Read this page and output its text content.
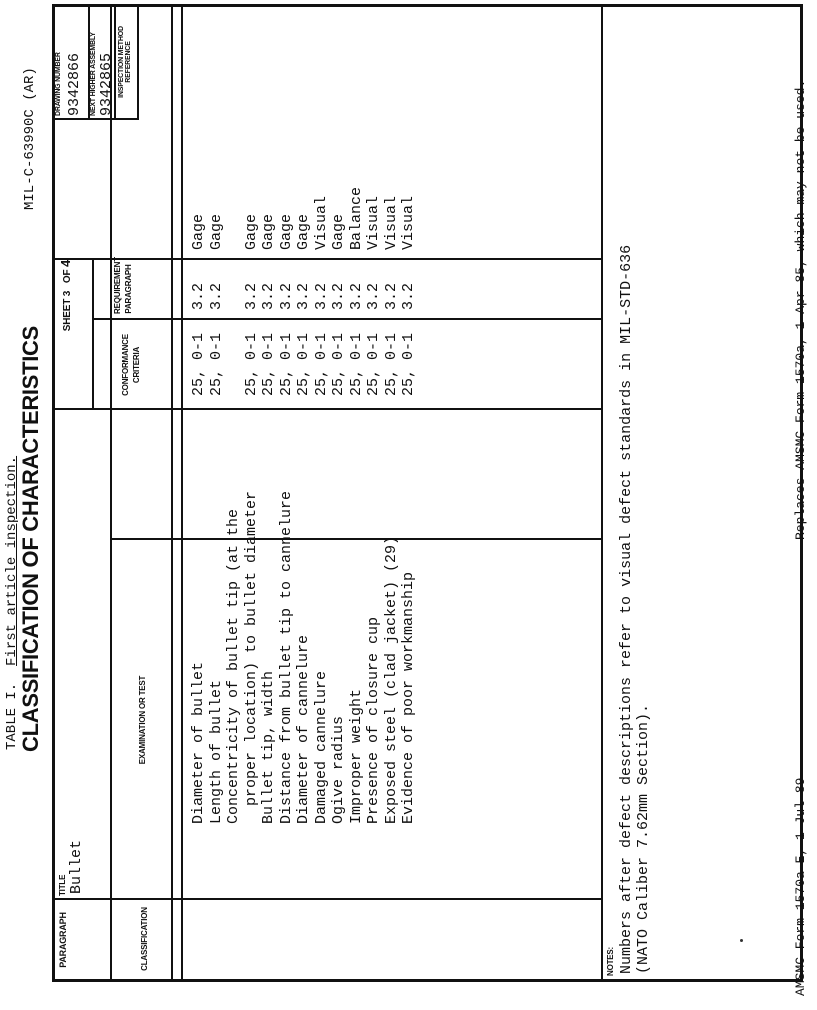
TABLE I.  First article inspection.
CLASSIFICATION OF CHARACTERISTICS
MIL-C-63990C (AR)
PARAGRAPH
TITLE Bullet
SHEET 3   OF 4
DRAWING NUMBER 9342866 NEXT HIGHER ASSEMBLY 9342865 INSPECTION METHOD REFERENCE
CLASSIFICATION
EXAMINATION OR TEST
CONFORMANCE CRITERIA
REQUIREMENT PARAGRAPH
Diameter of bullet
25, 0-1
3.2
Gage
Length of bullet
25, 0-1
3.2
Gage
Concentricity of bullet tip (at the proper location) to bullet diameter
25, 0-1
3.2
Gage
Bullet tip, width
25, 0-1
3.2
Gage
Distance from bullet tip to cannelure
25, 0-1
3.2
Gage
Diameter of cannelure
25, 0-1
3.2
Gage
Damaged cannelure
25, 0-1
3.2
Visual
Ogive radius
25, 0-1
3.2
Gage
Improper weight
25, 0-1
3.2
Balance
Presence of closure cup
25, 0-1
3.2
Visual
Exposed steel (clad jacket) (29)
25, 0-1
3.2
Visual
Evidence of poor workmanship
25, 0-1
3.2
Visual
NOTES: Numbers after defect descriptions refer to visual defect standards in MIL-STD-636 (NATO Caliber 7.62mm Section).	AMSMC Form 1570a-E, 1 Jul 89
Replaces AMSMC Form 1570a, 1 Apr 85, which may not be used.
